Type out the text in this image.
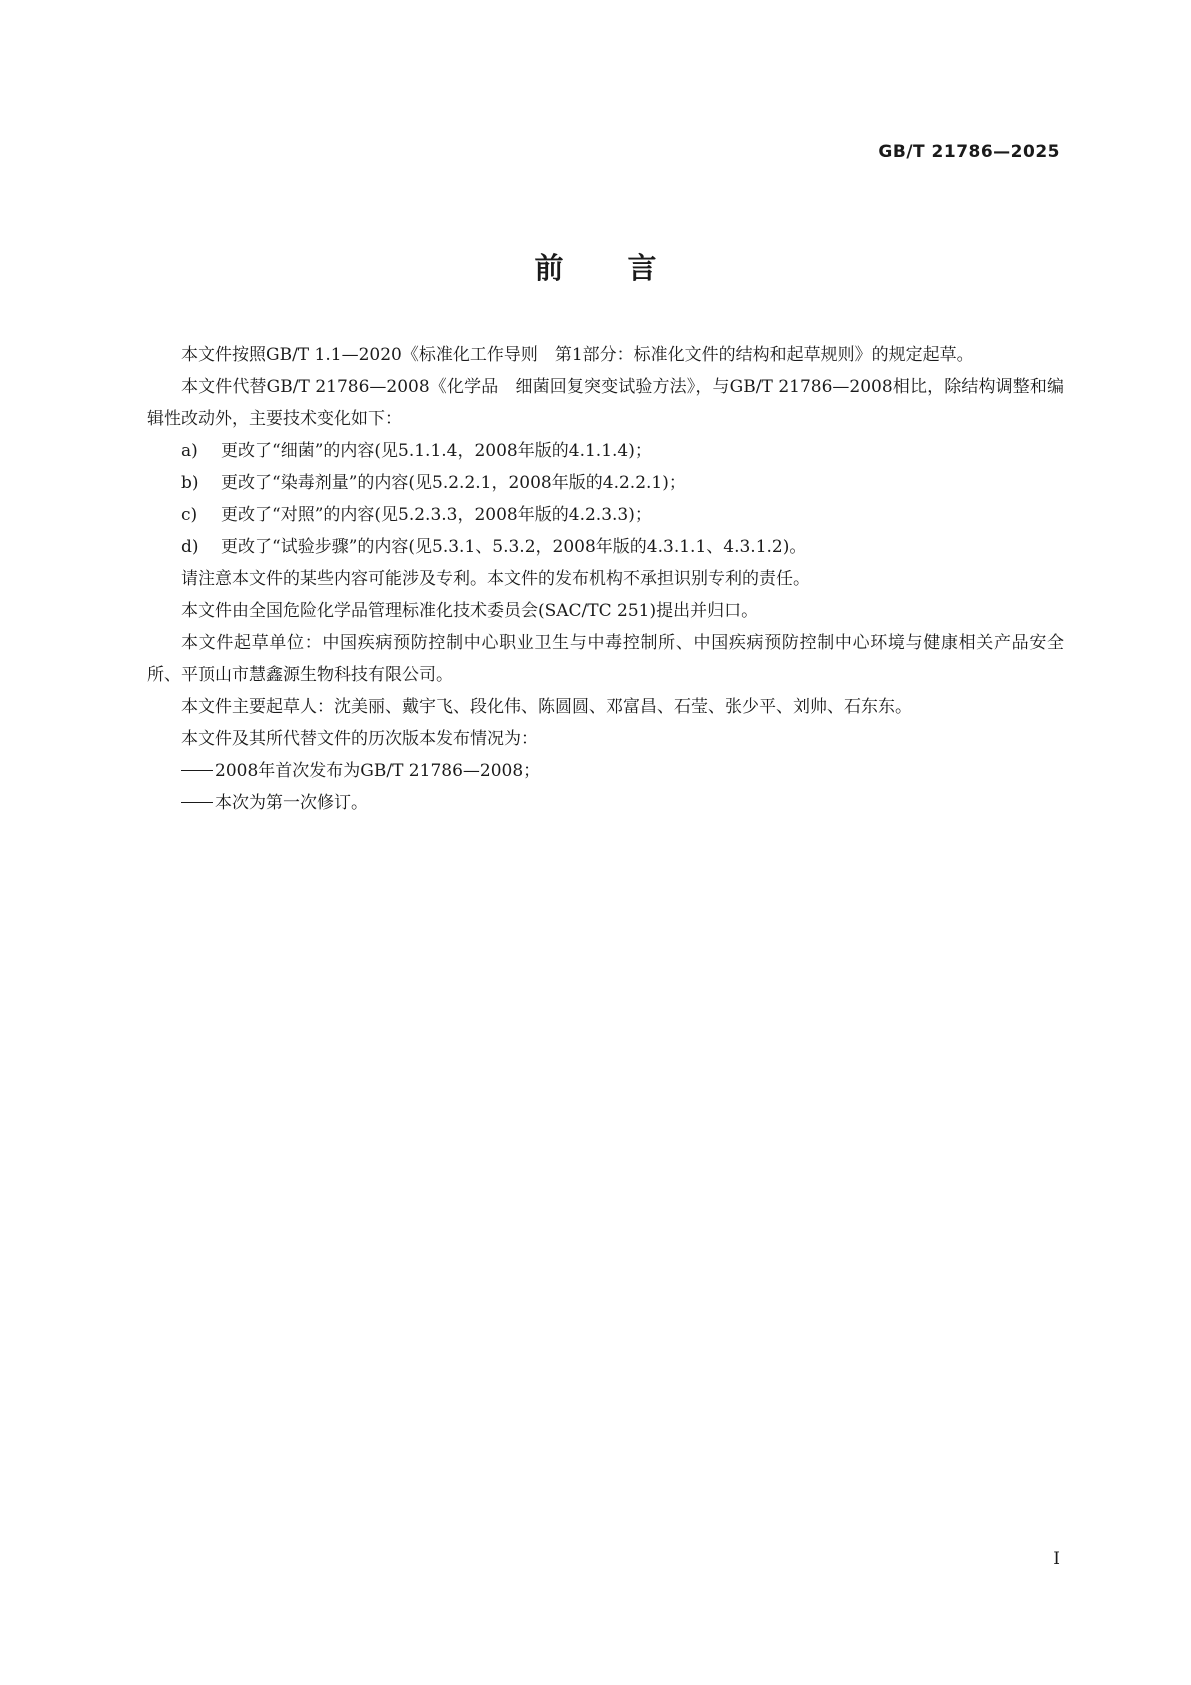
GB/T 21786—2025
前言

本文件按照GB/T 1.1—2020《标准化工作导则　第1部分：标准化文件的结构和起草规则》的规定起草。

本文件代替GB/T 21786—2008《化学品　细菌回复突变试验方法》，与GB/T 21786—2008相比，除结构调整和编辑性改动外，主要技术变化如下：

a) 更改了“细菌”的内容(见5.1.1.4，2008年版的4.1.1.4)；

b) 更改了“染毒剂量”的内容(见5.2.2.1，2008年版的4.2.2.1)；

c) 更改了“对照”的内容(见5.2.3.3，2008年版的4.2.3.3)；

d) 更改了“试验步骤”的内容(见5.3.1、5.3.2，2008年版的4.3.1.1、4.3.1.2)。

请注意本文件的某些内容可能涉及专利。本文件的发布机构不承担识别专利的责任。

本文件由全国危险化学品管理标准化技术委员会(SAC/TC 251)提出并归口。

本文件起草单位：中国疾病预防控制中心职业卫生与中毒控制所、中国疾病预防控制中心环境与健康相关产品安全所、平顶山市慧鑫源生物科技有限公司。

本文件主要起草人：沈美丽、戴宇飞、段化伟、陈圆圆、邓富昌、石莹、张少平、刘帅、石东东。

本文件及其所代替文件的历次版本发布情况为：

2008年首次发布为GB/T 21786—2008；

本次为第一次修订。

I
